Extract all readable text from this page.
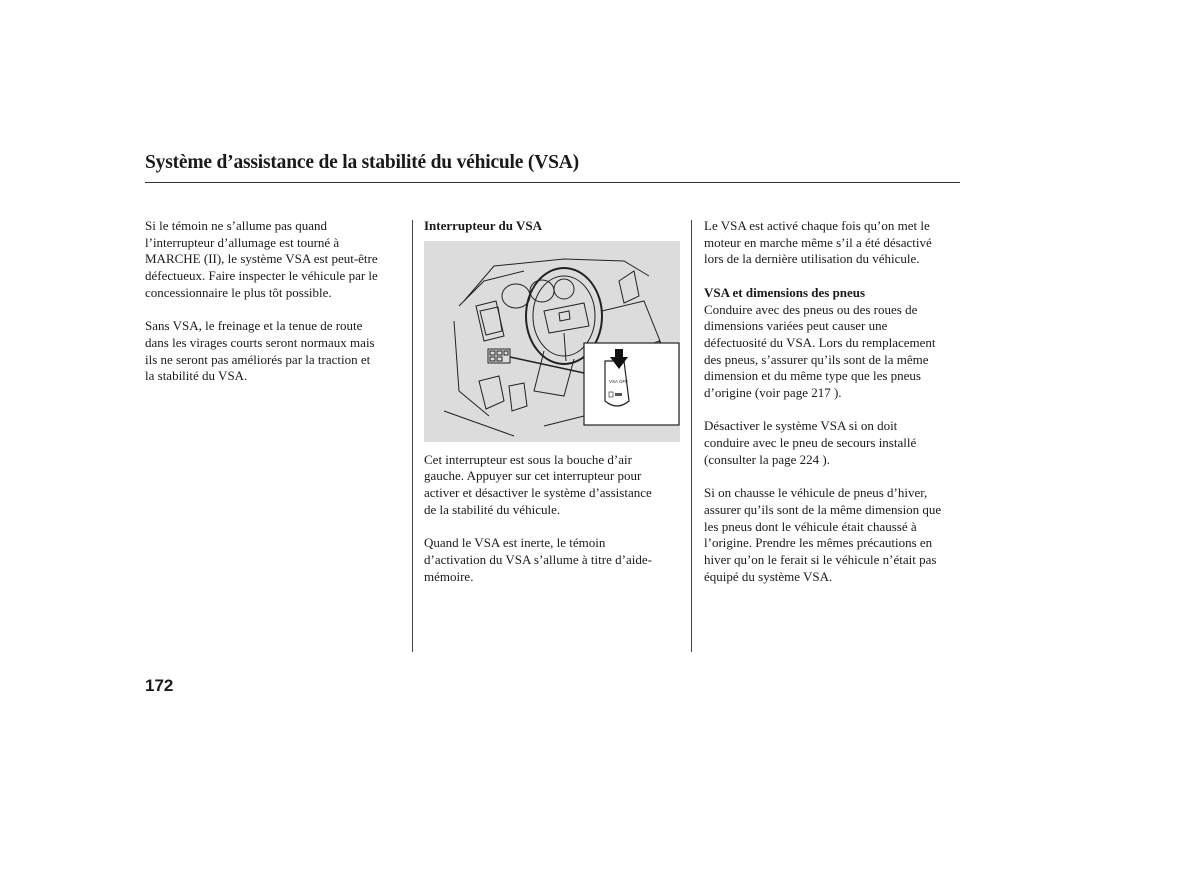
Système d’assistance de la stabilité du véhicule (VSA)

Si le témoin ne s’allume pas quand
l’interrupteur d’allumage est tourné à
MARCHE (II), le système VSA est peut-être
défectueux. Faire inspecter le véhicule par le
concessionnaire le plus tôt possible.

Sans VSA, le freinage et la tenue de route
dans les virages courts seront normaux mais
ils ne seront pas améliorés par la traction et
la stabilité du VSA.

Interrupteur du VSA

VSA OFF

Cet interrupteur est sous la bouche d’air
gauche. Appuyer sur cet interrupteur pour
activer et désactiver le système d’assistance
de la stabilité du véhicule.

Quand le VSA est inerte, le témoin
d’activation du VSA s’allume à titre d’aide-
mémoire.

Le VSA est activé chaque fois qu’on met le
moteur en marche même s’il a été désactivé
lors de la dernière utilisation du véhicule.

VSA et dimensions des pneus

Conduire avec des pneus ou des roues de
dimensions variées peut causer une
défectuosité du VSA. Lors du remplacement
des pneus, s’assurer qu’ils sont de la même
dimension et du même type que les pneus
d’origine (voir page 217 ).

Désactiver le système VSA si on doit
conduire avec le pneu de secours installé
(consulter la page 224 ).

Si on chausse le véhicule de pneus d’hiver,
assurer qu’ils sont de la même dimension que
les pneus dont le véhicule était chaussé à
l’origine. Prendre les mêmes précautions en
hiver qu’on le ferait si le véhicule n’était pas
équipé du système VSA.

172
